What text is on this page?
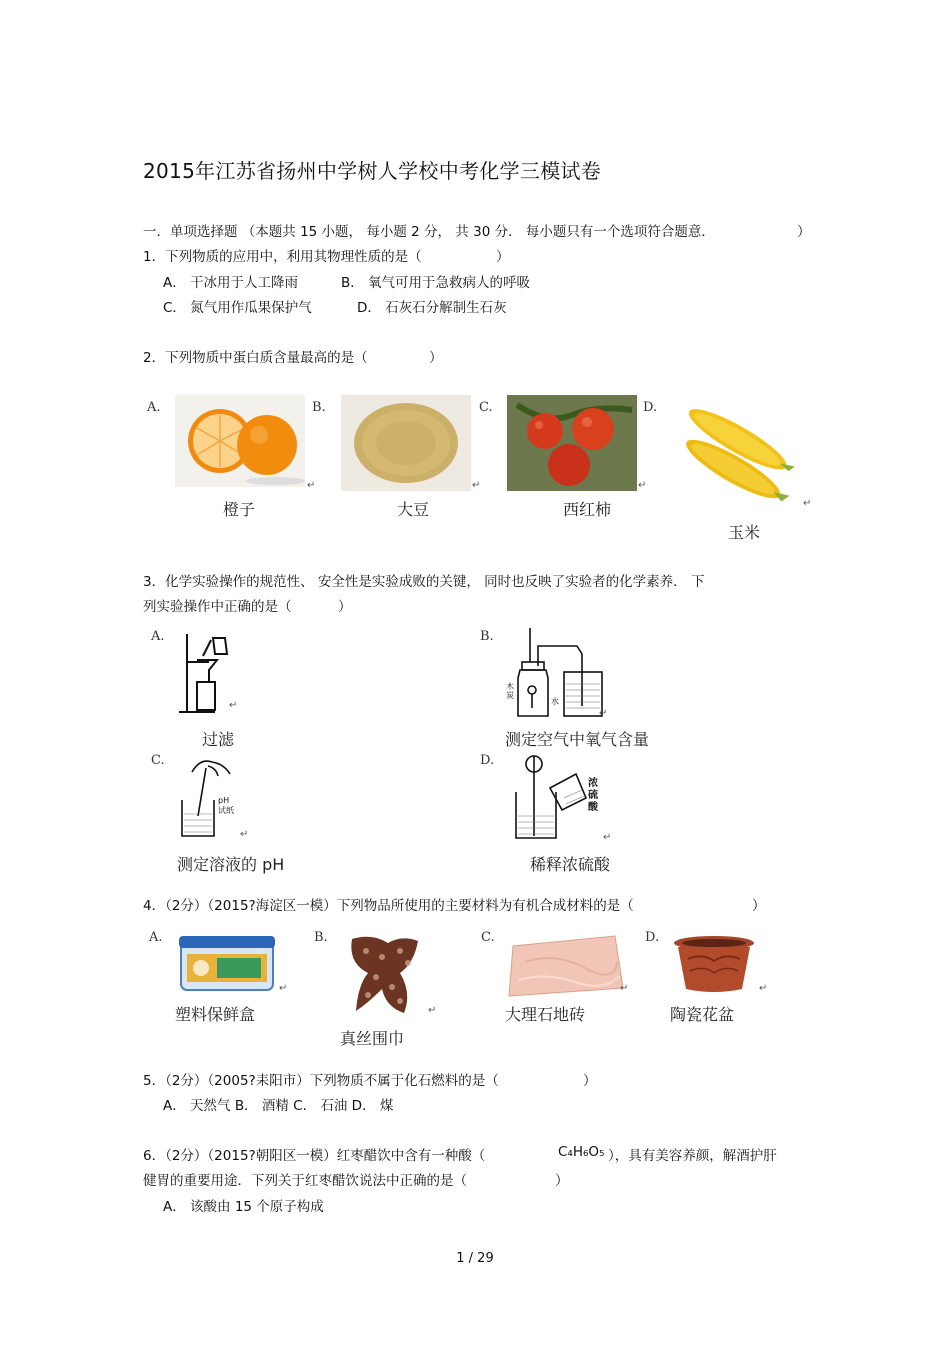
2015年江苏省扬州中学树人学校中考化学三模试卷
一．单项选择题 （本题共 15 小题， 每小题 2 分， 共 30 分． 每小题只有一个选项符合题意．	）
1．下列物质的应用中，利用其物理性质的是（	）
A． 干冰用于人工降雨	B． 氧气可用于急救病人的呼吸
C． 氮气用作瓜果保护气	D． 石灰石分解制生石灰
2．下列物质中蛋白质含量最高的是（	）
A.
↵
橙子
B.
↵
大豆
C.
↵
西红柿
D.
↵
玉米
3．化学实验操作的规范性、 安全性是实验成败的关键， 同时也反映了实验者的化学素养． 下
列实验操作中正确的是（	）
A.
↵
过滤
B.
木炭
水
↵
测定空气中氧气含量
C.
pH试纸
↵
测定溶液的 pH
D.
浓硫酸
↵
稀释浓硫酸
4．（2分）（2015?海淀区一模）下列物品所使用的主要材料为有机合成材料的是（	）
A.
↵
塑料保鲜盒
B.
↵
真丝围巾
C.
↵
大理石地砖
D.
↵
陶瓷花盆
5．（2分）（2005?耒阳市）下列物质不属于化石燃料的是（	）
A． 天然气 B． 酒精 C． 石油 D． 煤
6．（2分）（2015?朝阳区一模）红枣醋饮中含有一种酸（	C₄H₆O₅ ），具有美容养颜，解酒护肝
健胃的重要用途．下列关于红枣醋饮说法中正确的是（	）
A． 该酸由 15 个原子构成
1 / 29
